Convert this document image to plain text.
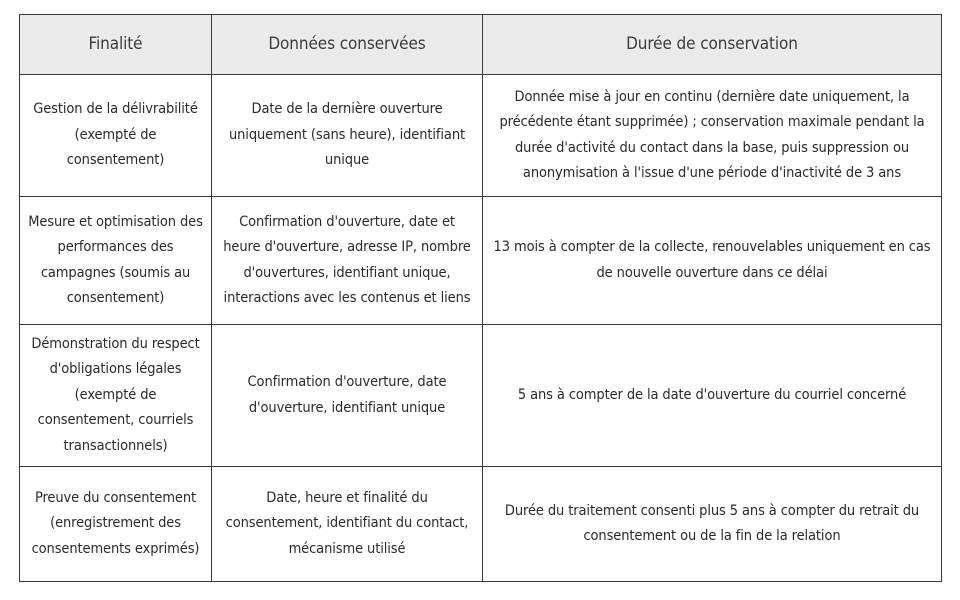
Finalité	Données conservées	Durée de conservation
Gestion de la délivrabilité (exempté de consentement)	Date de la dernière ouverture uniquement (sans heure), identifiant unique	Donnée mise à jour en continu (dernière date uniquement, la précédente étant supprimée) ; conservation maximale pendant la durée d'activité du contact dans la base, puis suppression ou anonymisation à l'issue d'une période d'inactivité de 3 ans
Mesure et optimisation des performances des campagnes (soumis au consentement)	Confirmation d'ouverture, date et heure d'ouverture, adresse IP, nombre d'ouvertures, identifiant unique, interactions avec les contenus et liens	13 mois à compter de la collecte, renouvelables uniquement en cas de nouvelle ouverture dans ce délai
Démonstration du respect d'obligations légales (exempté de consentement, courriels transactionnels)	Confirmation d'ouverture, date d'ouverture, identifiant unique	5 ans à compter de la date d'ouverture du courriel concerné
Preuve du consentement (enregistrement des consentements exprimés)	Date, heure et finalité du consentement, identifiant du contact, mécanisme utilisé	Durée du traitement consenti plus 5 ans à compter du retrait du consentement ou de la fin de la relation
